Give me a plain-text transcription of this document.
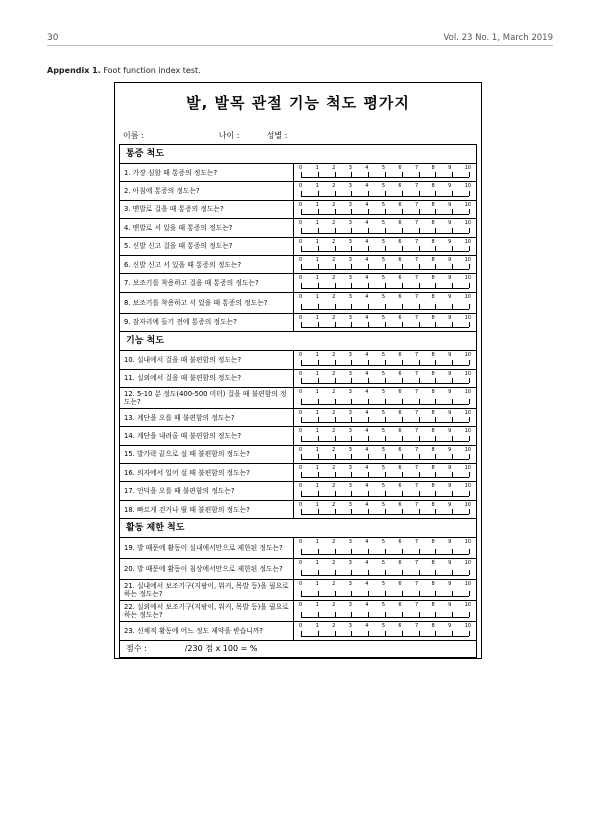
30	Vol. 23 No. 1, March 2019
Appendix 1. Foot function index test.
발, 발목 관절 기능 척도 평가지
이름 :	나이 :	성별 :
통증 척도
1. 가장 심할 때 통증의 정도는?
0	1	2	3	4	5	6	7	8	9	10
2. 아침에 통증의 정도는?
0	1	2	3	4	5	6	7	8	9	10
3. 맨발로 걸을 때 통증의 정도는?
0	1	2	3	4	5	6	7	8	9	10
4. 맨발로 서 있을 때 통증의 정도는?
0	1	2	3	4	5	6	7	8	9	10
5. 신발 신고 걸을 때 통증의 정도는?
0	1	2	3	4	5	6	7	8	9	10
6. 신발 신고 서 있을 때 통증의 정도는?
0	1	2	3	4	5	6	7	8	9	10
7. 보조기를 착용하고 걸을 때 통증의 정도는?
0	1	2	3	4	5	6	7	8	9	10
8. 보조기를 착용하고 서 있을 때 통증의 정도는?
0	1	2	3	4	5	6	7	8	9	10
9. 잠자리에 들기 전에 통증의 정도는?
0	1	2	3	4	5	6	7	8	9	10
기능 척도
10. 실내에서 걸을 때 불편함의 정도는?
0	1	2	3	4	5	6	7	8	9	10
11. 실외에서 걸을 때 불편함의 정도는?
0	1	2	3	4	5	6	7	8	9	10
12. 5-10 분 정도(400-500 미터) 걸을 때 불편함의 정도는?
0	1	2	3	4	5	6	7	8	9	10
13. 계단을 오를 때 불편함의 정도는?
0	1	2	3	4	5	6	7	8	9	10
14. 계단을 내려올 때 불편함의 정도는?
0	1	2	3	4	5	6	7	8	9	10
15. 발가락 끝으로 설 때 불편함의 정도는?
0	1	2	3	4	5	6	7	8	9	10
16. 의자에서 일어 설 때 불편함의 정도는?
0	1	2	3	4	5	6	7	8	9	10
17. 언덕을 오를 때 불편함의 정도는?
0	1	2	3	4	5	6	7	8	9	10
18. 빠르게 걷거나 뛸 때 불편함의 정도는?
0	1	2	3	4	5	6	7	8	9	10
활동 제한 척도
19. 발 때문에 활동이 실내에서만으로 제한된 정도는?
0	1	2	3	4	5	6	7	8	9	10
20. 발 때문에 활동이 침상에서만으로 제한된 정도는?
0	1	2	3	4	5	6	7	8	9	10
21. 실내에서 보조기구(지팡이, 워커, 목발 등)을 필요로 하는 정도는?
0	1	2	3	4	5	6	7	8	9	10
22. 실외에서 보조기구(지팡이, 워커, 목발 등)을 필요로 하는 정도는?
0	1	2	3	4	5	6	7	8	9	10
23. 신체적 활동에 어느 정도 제약을 받습니까?
0	1	2	3	4	5	6	7	8	9	10
점수 :	/230 점 x 100 = %
